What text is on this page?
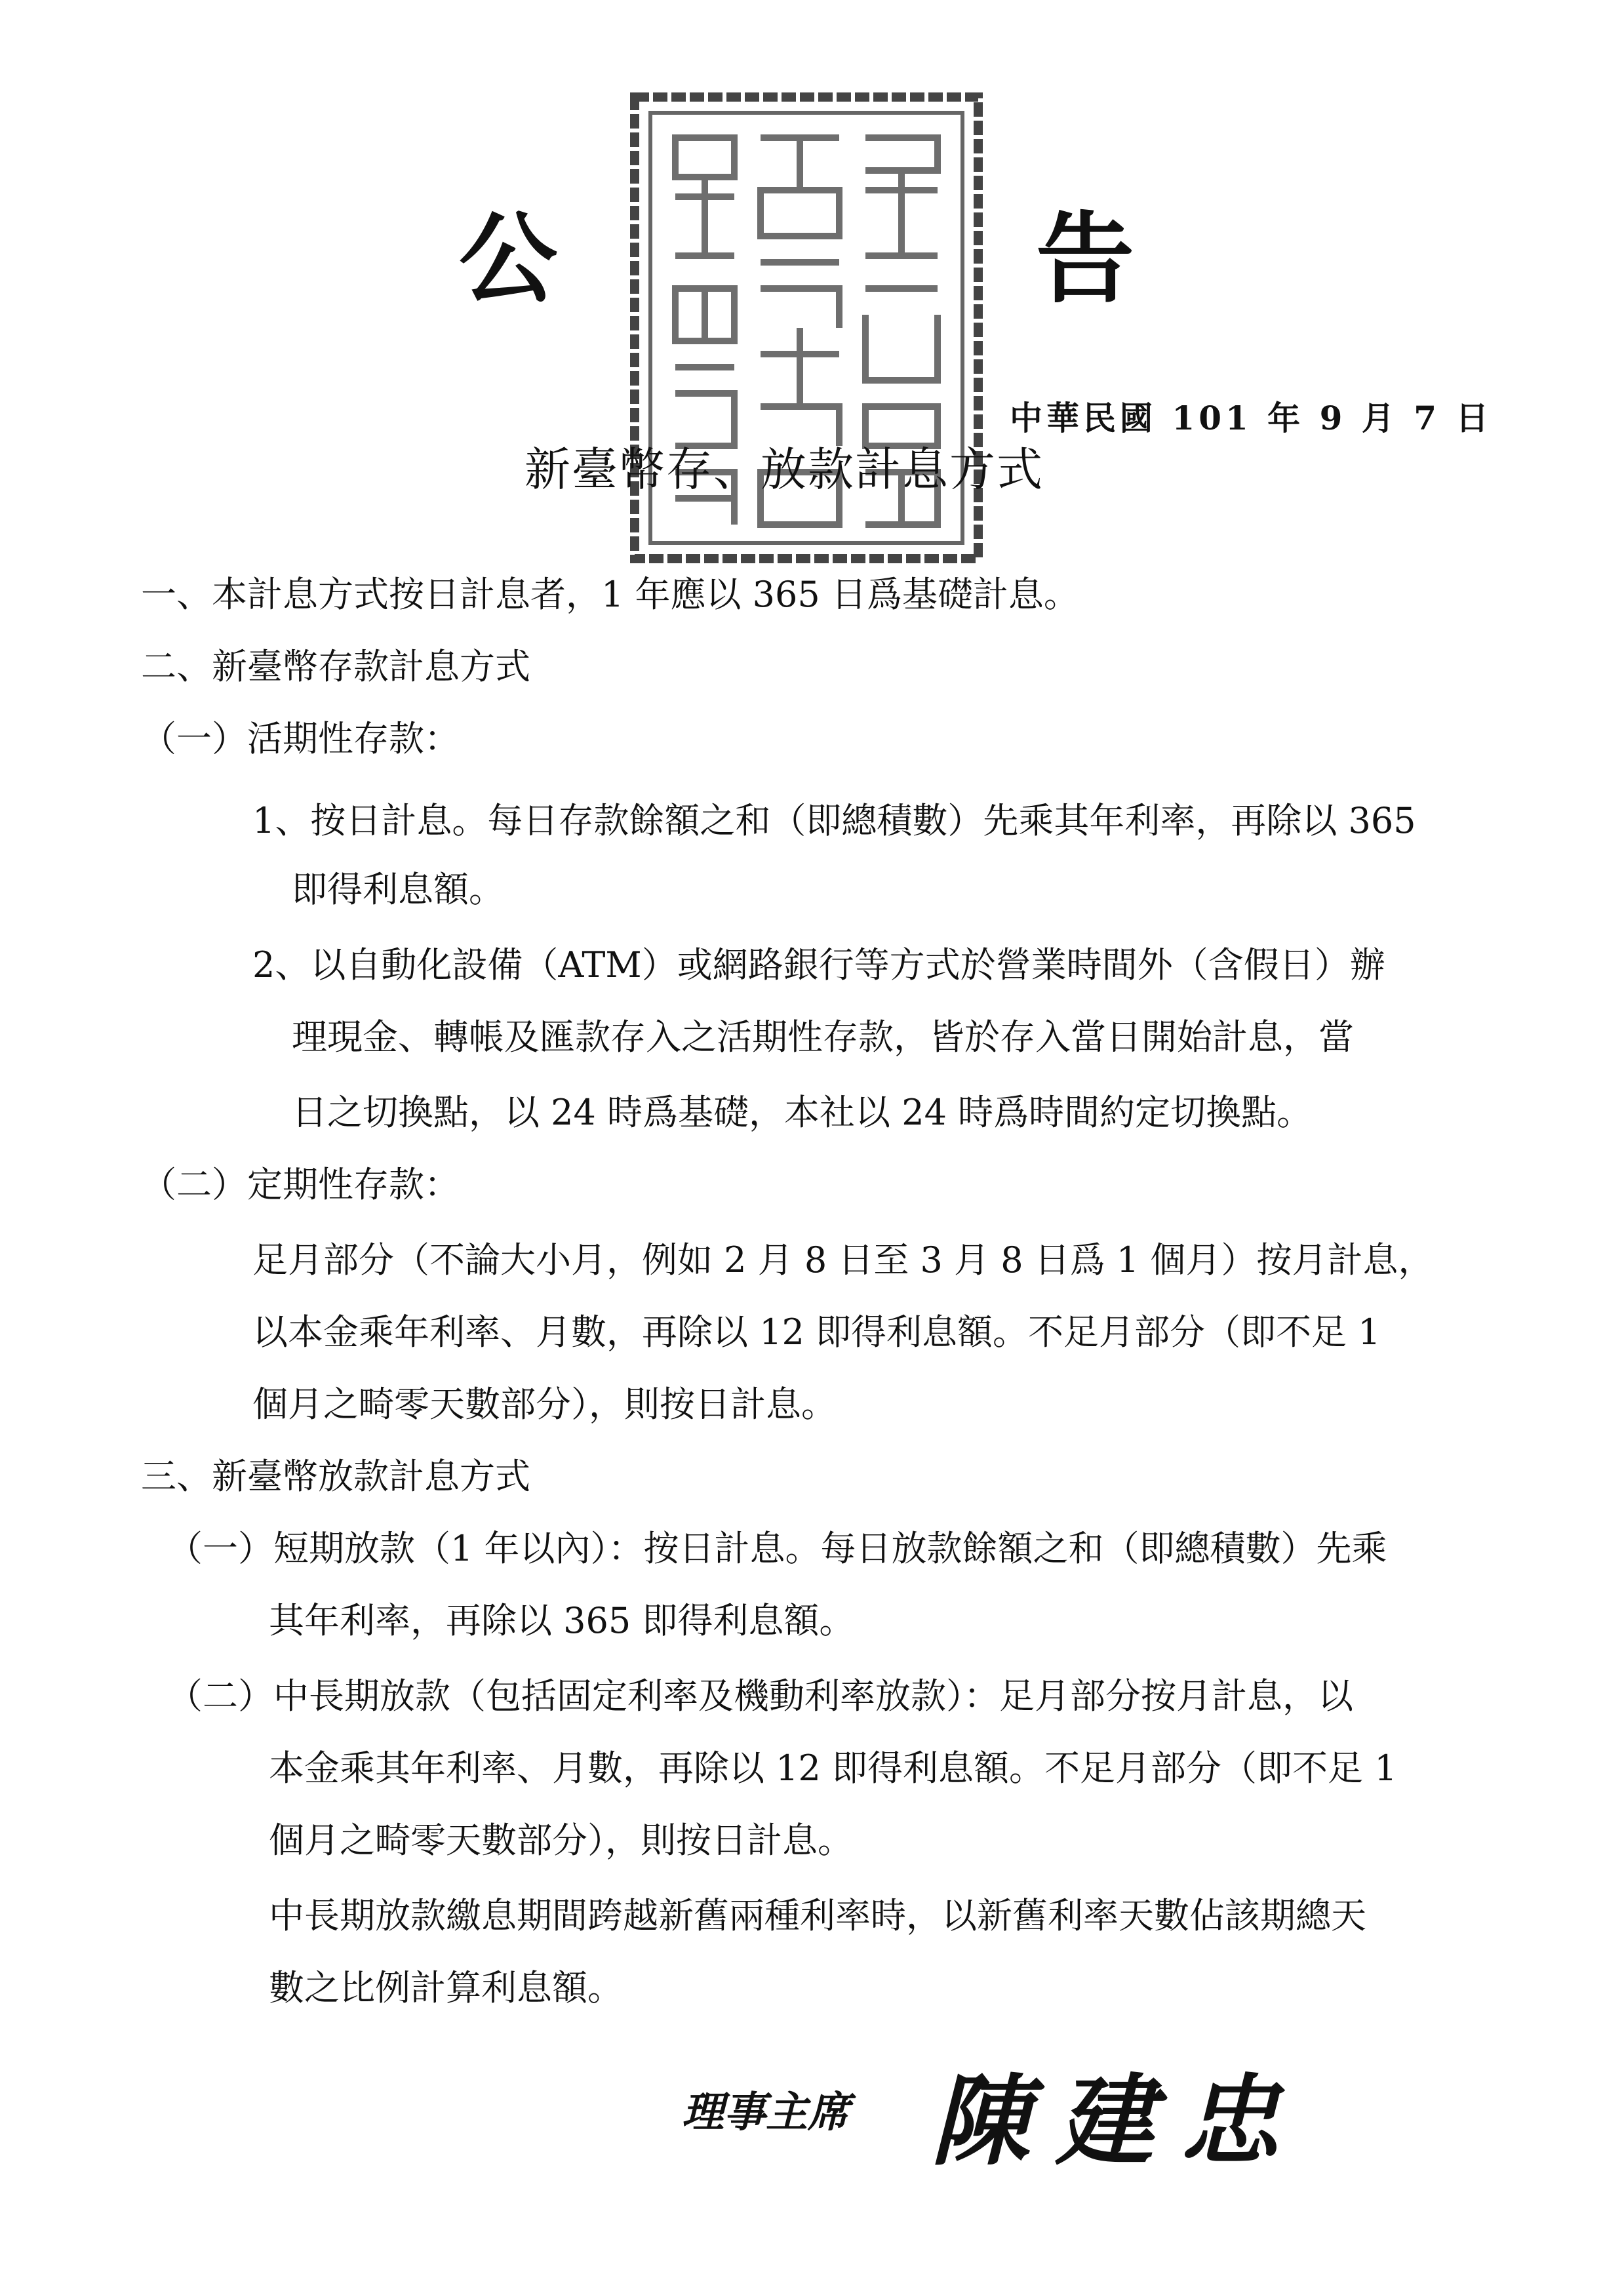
公	告
中華民國 101 年 9 月 7 日
新臺幣存、放款計息方式
一、本計息方式按日計息者，1 年應以 365 日爲基礎計息。
二、新臺幣存款計息方式
（一）活期性存款：
1、按日計息。每日存款餘額之和（即總積數）先乘其年利率，再除以 365
即得利息額。
2、以自動化設備（ATM）或網路銀行等方式於營業時間外（含假日）辦
理現金、轉帳及匯款存入之活期性存款，皆於存入當日開始計息，當
日之切換點，以 24 時爲基礎，本社以 24 時爲時間約定切換點。
（二）定期性存款：
足月部分（不論大小月，例如 2 月 8 日至 3 月 8 日爲 1 個月）按月計息，
以本金乘年利率、月數，再除以 12 即得利息額。不足月部分（即不足 1
個月之畸零天數部分），則按日計息。
三、新臺幣放款計息方式
（一）短期放款（1 年以內）：按日計息。每日放款餘額之和（即總積數）先乘
其年利率，再除以 365 即得利息額。
（二）中長期放款（包括固定利率及機動利率放款）：足月部分按月計息，以
本金乘其年利率、月數，再除以 12 即得利息額。不足月部分（即不足 1
個月之畸零天數部分），則按日計息。
中長期放款繳息期間跨越新舊兩種利率時，以新舊利率天數佔該期總天
數之比例計算利息額。
理事主席 陳建忠
